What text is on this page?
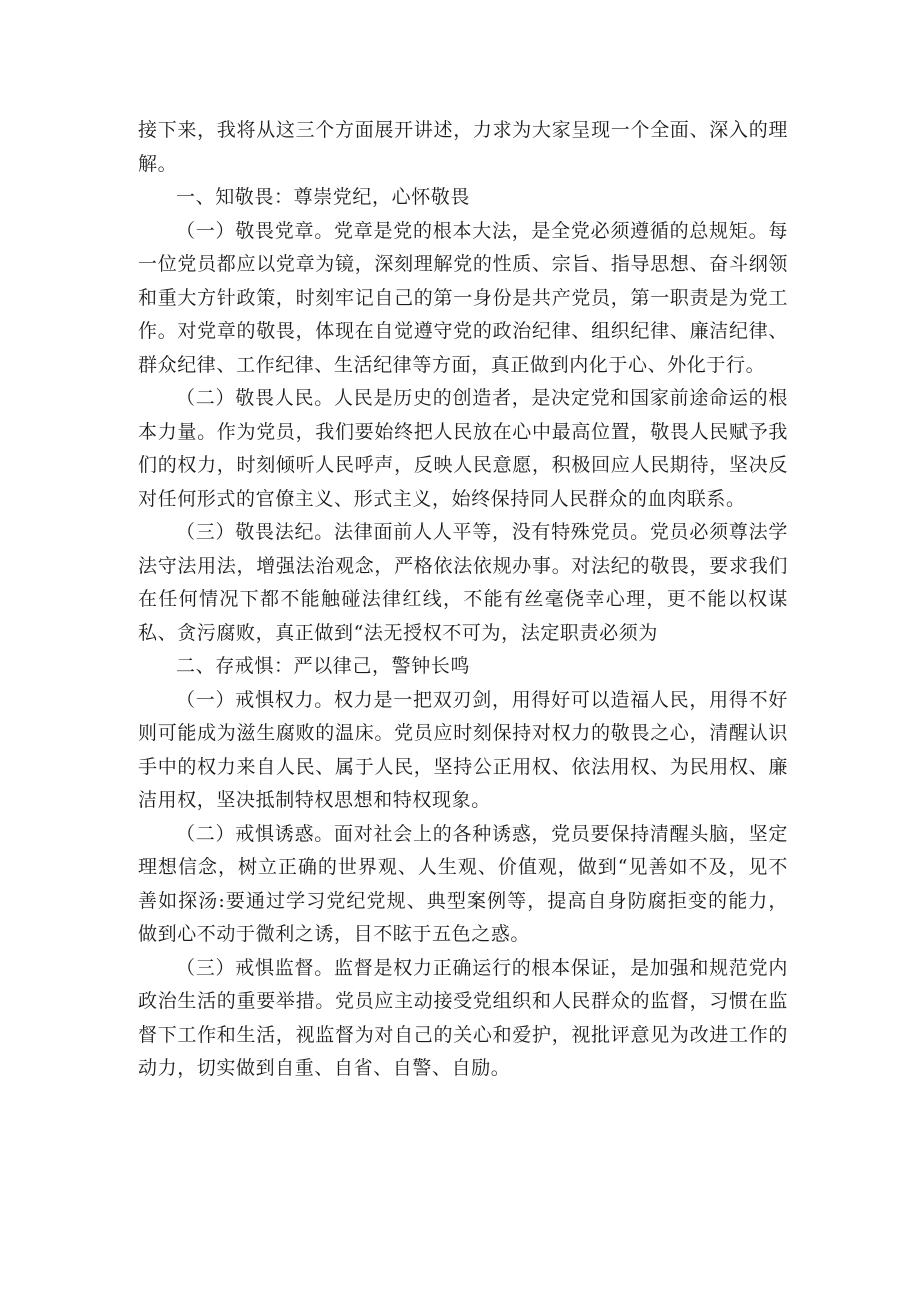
接下来，我将从这三个方面展开讲述，力求为大家呈现一个全面、深入的理解。

一、知敬畏：尊崇党纪，心怀敬畏

（一）敬畏党章。党章是党的根本大法，是全党必须遵循的总规矩。每一位党员都应以党章为镜，深刻理解党的性质、宗旨、指导思想、奋斗纲领和重大方针政策，时刻牢记自己的第一身份是共产党员，第一职责是为党工作。对党章的敬畏，体现在自觉遵守党的政治纪律、组织纪律、廉洁纪律、群众纪律、工作纪律、生活纪律等方面，真正做到内化于心、外化于行。

（二）敬畏人民。人民是历史的创造者，是决定党和国家前途命运的根本力量。作为党员，我们要始终把人民放在心中最高位置，敬畏人民赋予我们的权力，时刻倾听人民呼声，反映人民意愿，积极回应人民期待，坚决反对任何形式的官僚主义、形式主义，始终保持同人民群众的血肉联系。

（三）敬畏法纪。法律面前人人平等，没有特殊党员。党员必须尊法学法守法用法，增强法治观念，严格依法依规办事。对法纪的敬畏，要求我们在任何情况下都不能触碰法律红线，不能有丝毫侥幸心理，更不能以权谋私、贪污腐败，真正做到“法无授权不可为，法定职责必须为

二、存戒惧：严以律己，警钟长鸣

（一）戒惧权力。权力是一把双刃剑，用得好可以造福人民，用得不好则可能成为滋生腐败的温床。党员应时刻保持对权力的敬畏之心，清醒认识手中的权力来自人民、属于人民，坚持公正用权、依法用权、为民用权、廉洁用权，坚决抵制特权思想和特权现象。

（二）戒惧诱惑。面对社会上的各种诱惑，党员要保持清醒头脑，坚定理想信念，树立正确的世界观、人生观、价值观，做到“见善如不及，见不善如探汤:要通过学习党纪党规、典型案例等，提高自身防腐拒变的能力，做到心不动于微利之诱，目不眩于五色之惑。

（三）戒惧监督。监督是权力正确运行的根本保证，是加强和规范党内政治生活的重要举措。党员应主动接受党组织和人民群众的监督，习惯在监督下工作和生活，视监督为对自己的关心和爱护，视批评意见为改进工作的动力，切实做到自重、自省、自警、自励。
